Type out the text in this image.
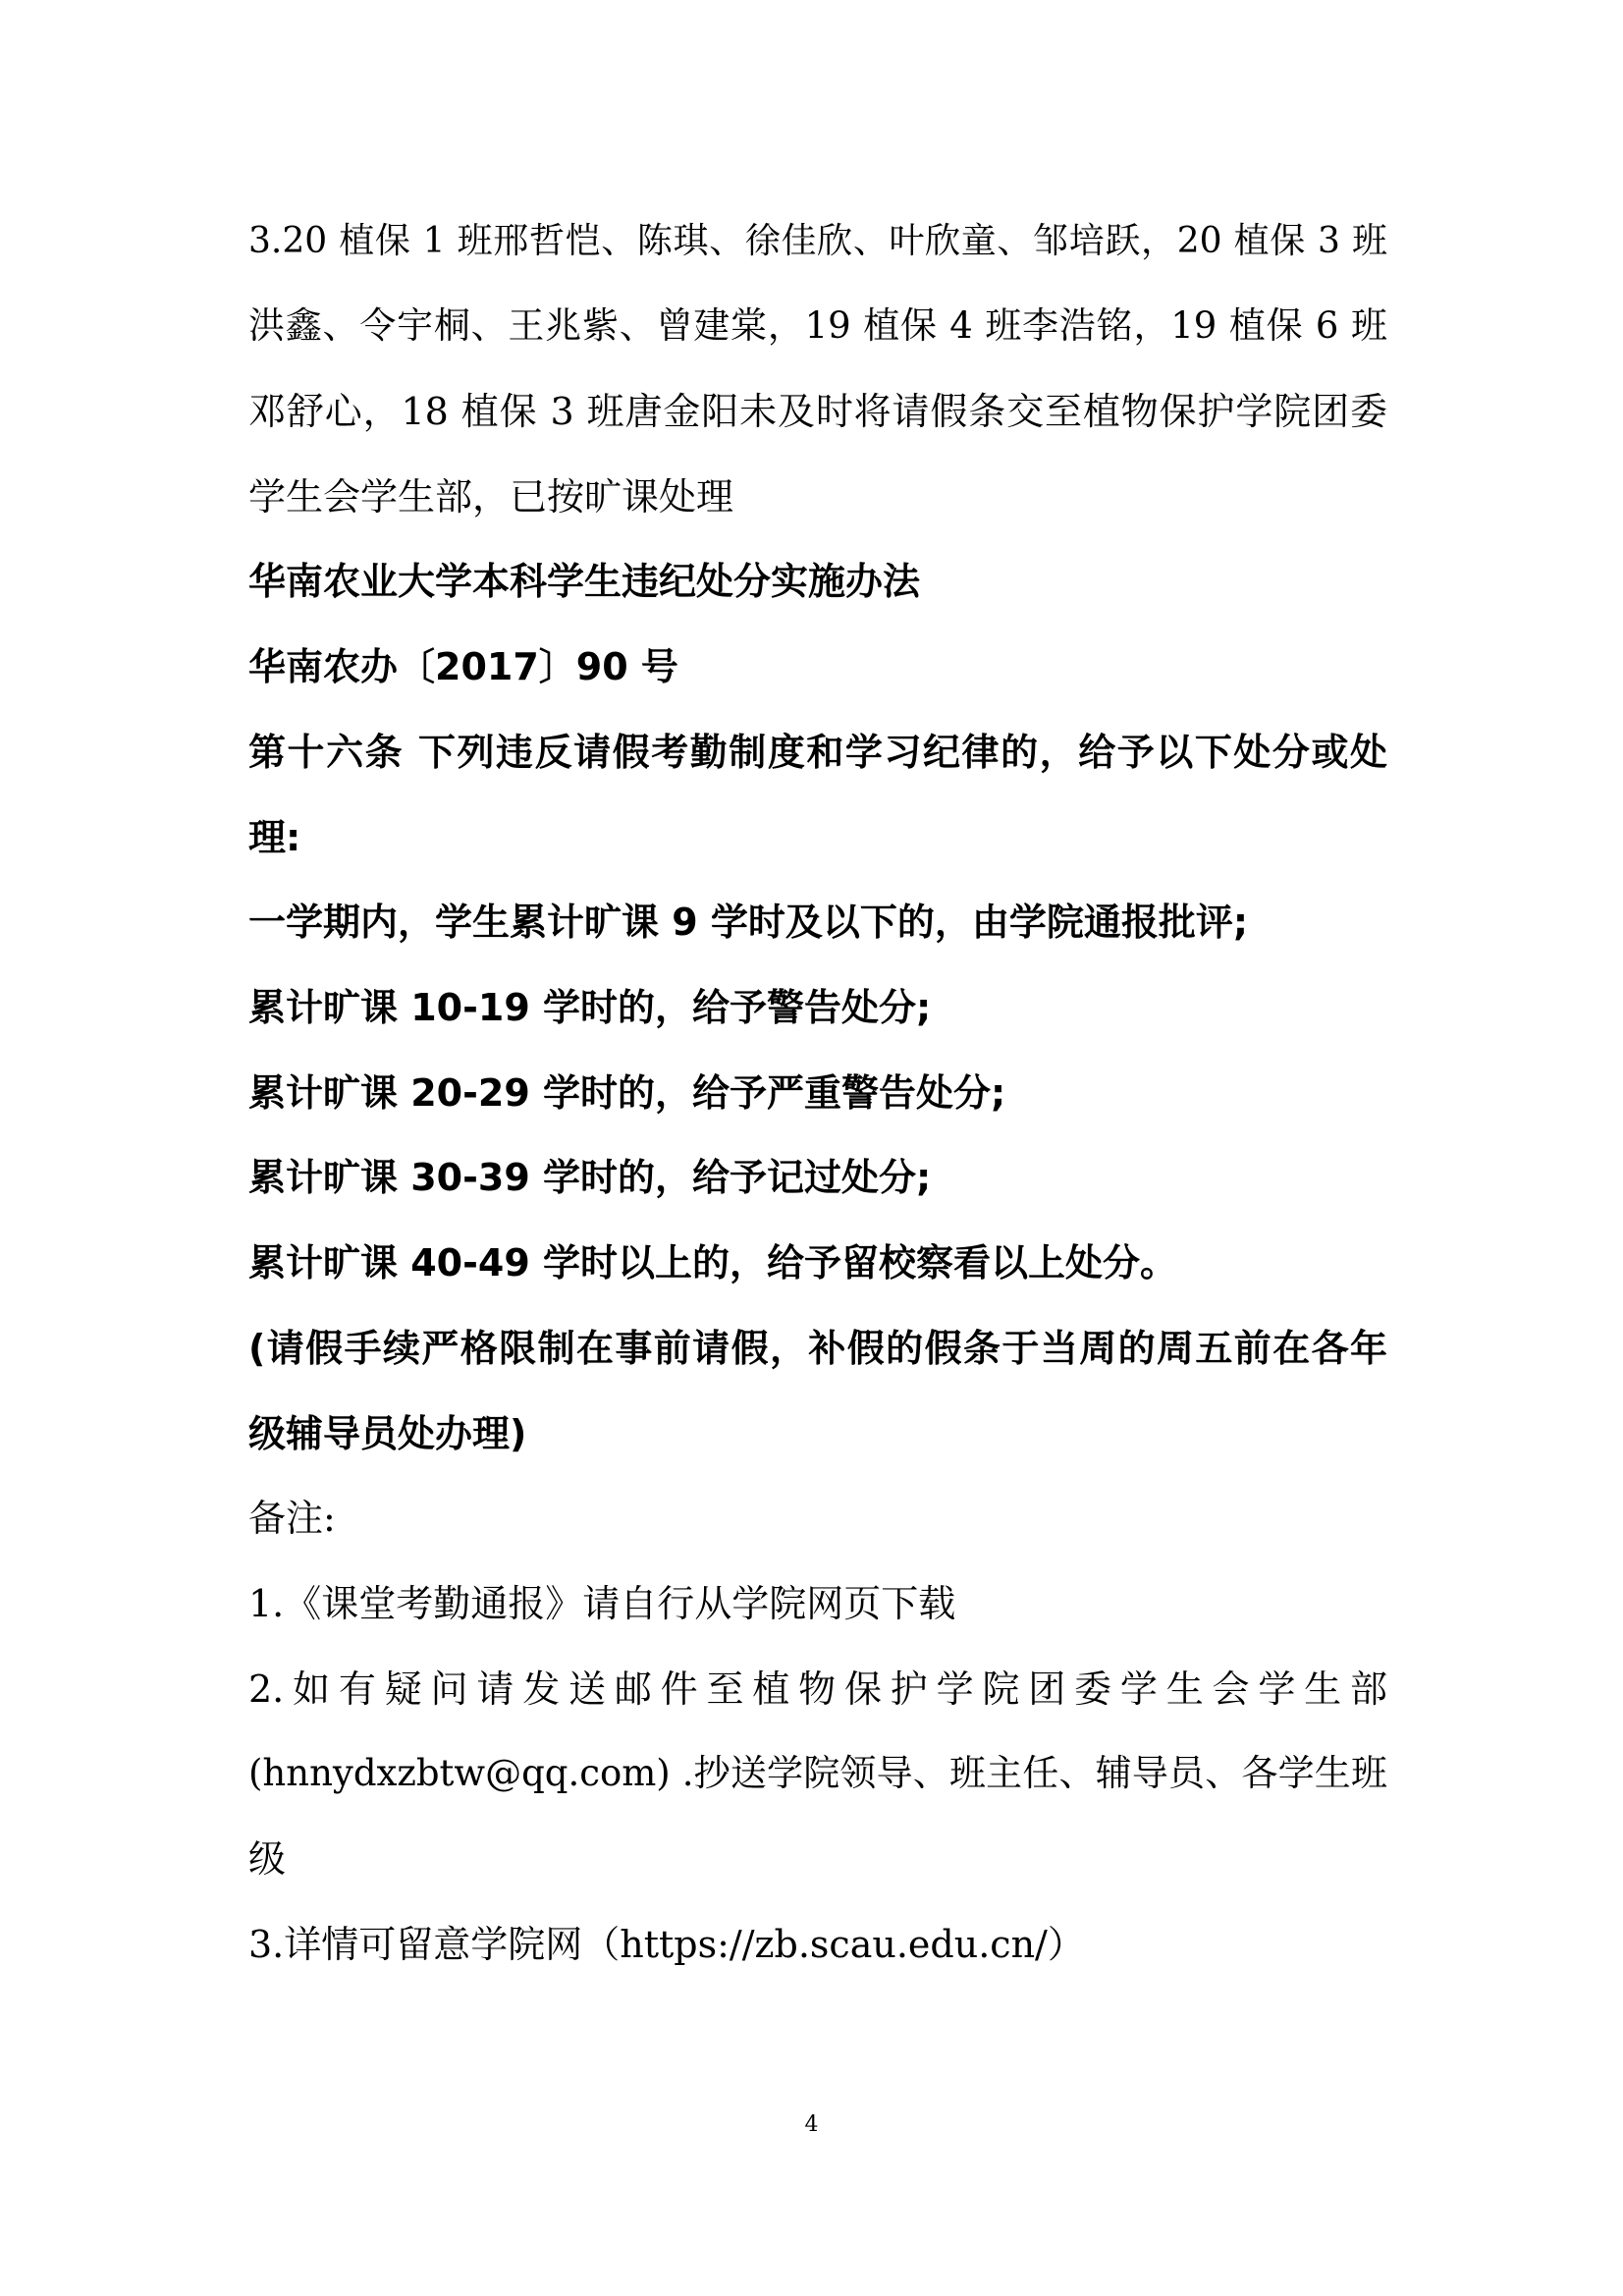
3.20 植保 1 班邢哲恺、陈琪、徐佳欣、叶欣童、邹培跃，20 植保 3 班

洪鑫、令宇桐、王兆紫、曾建棠，19 植保 4 班李浩铭，19 植保 6 班

邓舒心，18 植保 3 班唐金阳未及时将请假条交至植物保护学院团委

学生会学生部，已按旷课处理

华南农业大学本科学生违纪处分实施办法

华南农办〔2017〕90 号

第十六条 下列违反请假考勤制度和学习纪律的，给予以下处分或处

理:

一学期内，学生累计旷课 9 学时及以下的，由学院通报批评;

累计旷课 10-19 学时的，给予警告处分;

累计旷课 20-29 学时的，给予严重警告处分;

累计旷课 30-39 学时的，给予记过处分;

累计旷课 40-49 学时以上的，给予留校察看以上处分。

(请假手续严格限制在事前请假，补假的假条于当周的周五前在各年

级辅导员处办理)

备注:

1.《课堂考勤通报》请自行从学院网页下载

2.如有疑问请发送邮件至植物保护学院团委学生会学生部

(hnnydxzbtw@qq.com) .抄送学院领导、班主任、辅导员、各学生班

级

3.详情可留意学院网（https://zb.scau.edu.cn/）

4
